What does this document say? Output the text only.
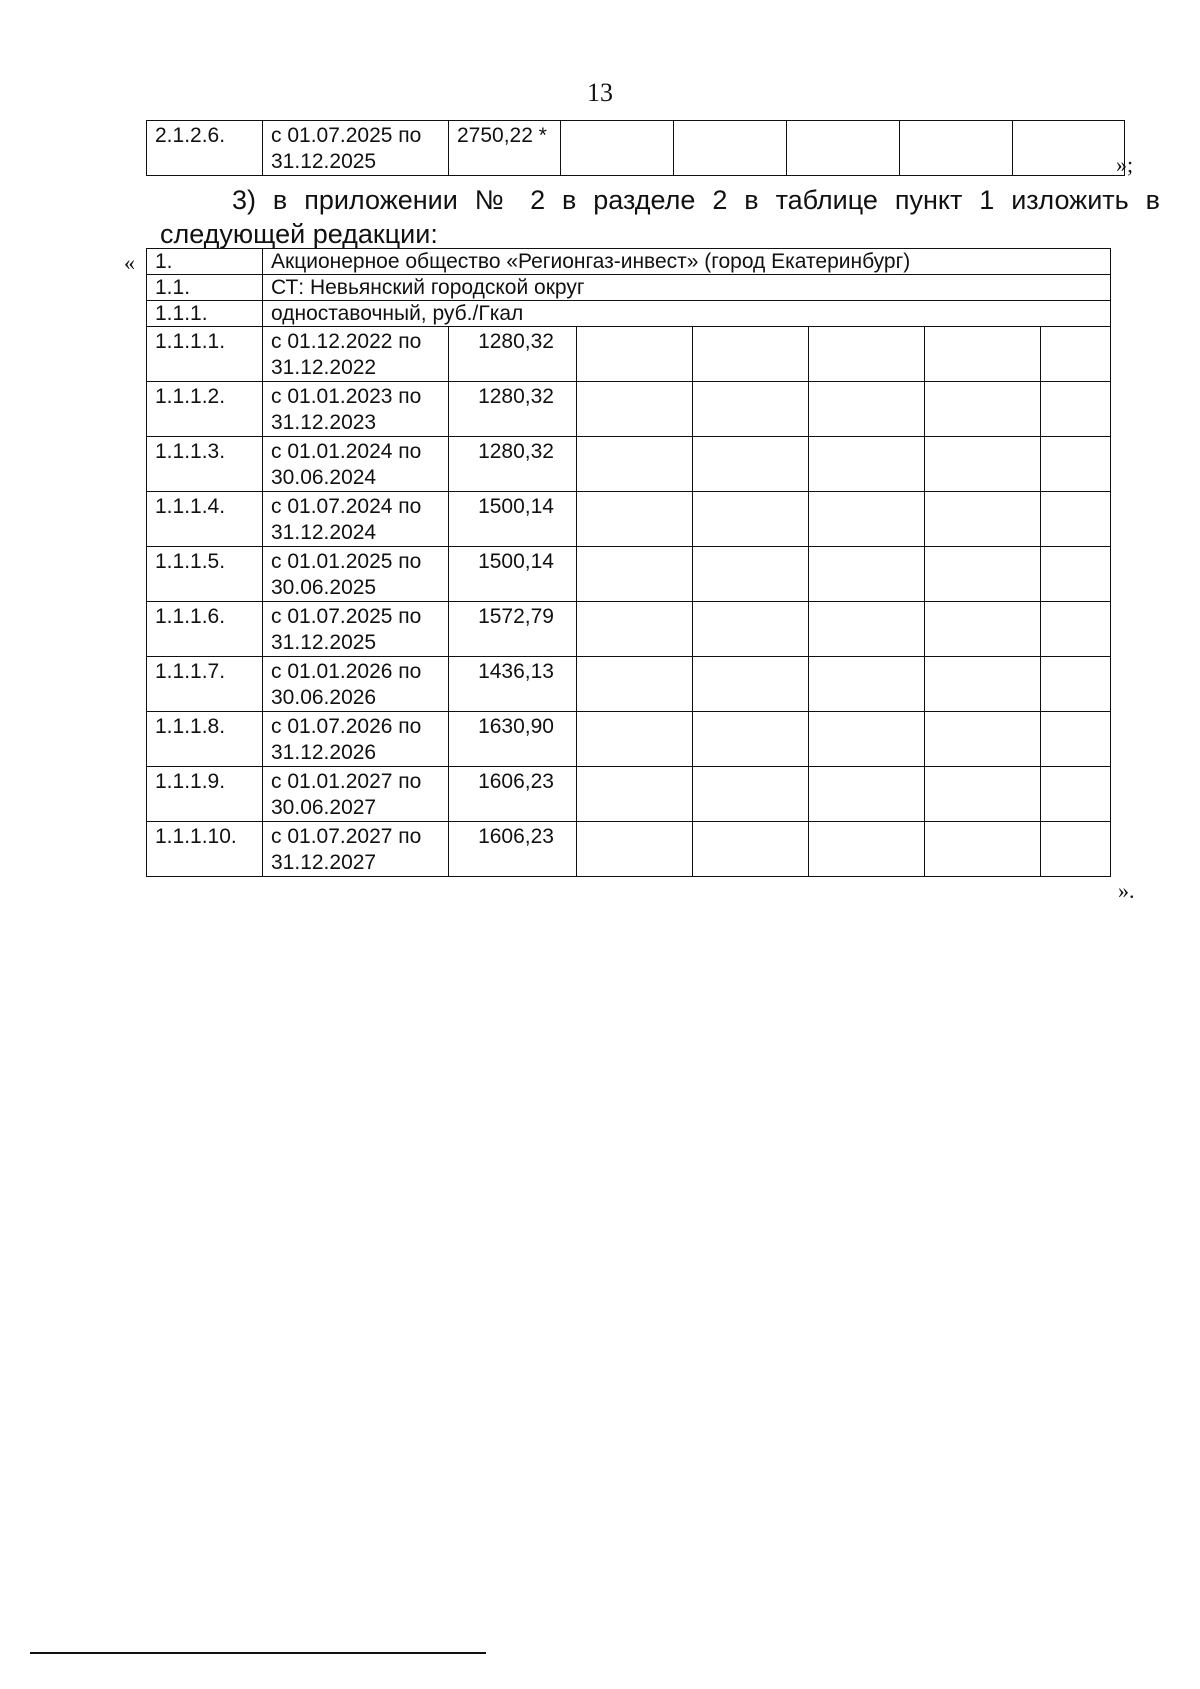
13
2.1.2.6.	с 01.07.2025 по
31.12.2025
	2750,22 *					
»;
3) в приложении № 2 в разделе 2 в таблице пункт 1 изложить в следующей редакции:
« 1.	Акционерное общество «Регионгаз-инвест» (город Екатеринбург)						
1.1.	СТ: Невьянский городской округ						
1.1.1.	одноставочный, руб./Гкал						
1.1.1.1.	с 01.12.2022 по
31.12.2022	1280,32					
1.1.1.2.	с 01.01.2023 по
31.12.2023	1280,32					
1.1.1.3.	с 01.01.2024 по
30.06.2024	1280,32					
1.1.1.4.	с 01.07.2024 по
31.12.2024	1500,14					
1.1.1.5.	с 01.01.2025 по
30.06.2025	1500,14					
1.1.1.6.	с 01.07.2025 по
31.12.2025	1572,79					
1.1.1.7.	с 01.01.2026 по
30.06.2026	1436,13					
1.1.1.8.	с 01.07.2026 по
31.12.2026	1630,90					
1.1.1.9.	с 01.01.2027 по
30.06.2027	1606,23					
1.1.1.10.	с 01.07.2027 по
31.12.2027	1606,23					
».
